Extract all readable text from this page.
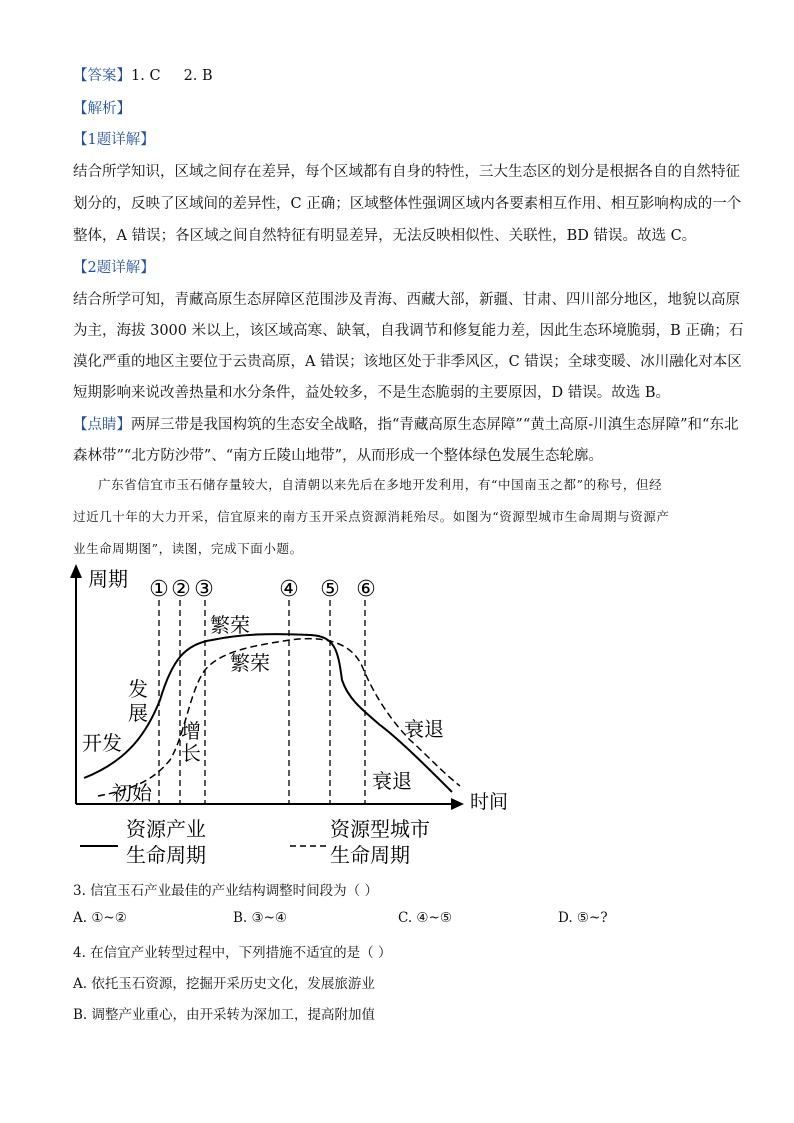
【答案】1. C     2. B
【解析】
【1题详解】
结合所学知识，区域之间存在差异，每个区域都有自身的特性，三大生态区的划分是根据各自的自然特征
划分的，反映了区域间的差异性，C 正确；区域整体性强调区域内各要素相互作用、相互影响构成的一个
整体，A 错误；各区域之间自然特征有明显差异，无法反映相似性、关联性，BD 错误。故选 C。
【2题详解】
结合所学可知，青藏高原生态屏障区范围涉及青海、西藏大部，新疆、甘肃、四川部分地区，地貌以高原
为主，海拔 3000 米以上，该区域高寒、缺氧，自我调节和修复能力差，因此生态环境脆弱，B 正确；石
漠化严重的地区主要位于云贵高原，A 错误；该地区处于非季风区，C 错误；全球变暖、冰川融化对本区
短期影响来说改善热量和水分条件，益处较多，不是生态脆弱的主要原因，D 错误。故选 B。
【点睛】两屏三带是我国构筑的生态安全战略，指“青藏高原生态屏障”“黄土高原-川滇生态屏障”和“东北
森林带”“北方防沙带”、“南方丘陵山地带”，从而形成一个整体绿色发展生态轮廓。
广东省信宜市玉石储存量较大，自清朝以来先后在多地开发利用，有“中国南玉之都”的称号，但经
过近几十年的大力开采，信宜原来的南方玉开采点资源消耗殆尽。如图为“资源型城市生命周期与资源产
业生命周期图”，读图，完成下面小题。
周期
时间
① ② ③	④ ⑤ ⑥
繁荣
繁荣
发
展
开发	增
长
初始
衰退
衰退
资源产业
生命周期
资源型城市
生命周期
3. 信宜玉石产业最佳的产业结构调整时间段为（ ）
A. ①~②	B. ③~④	C. ④~⑤	D. ⑤~?
4. 在信宜产业转型过程中，下列措施不适宜的是（ ）
A. 依托玉石资源，挖掘开采历史文化，发展旅游业
B. 调整产业重心，由开采转为深加工，提高附加值
